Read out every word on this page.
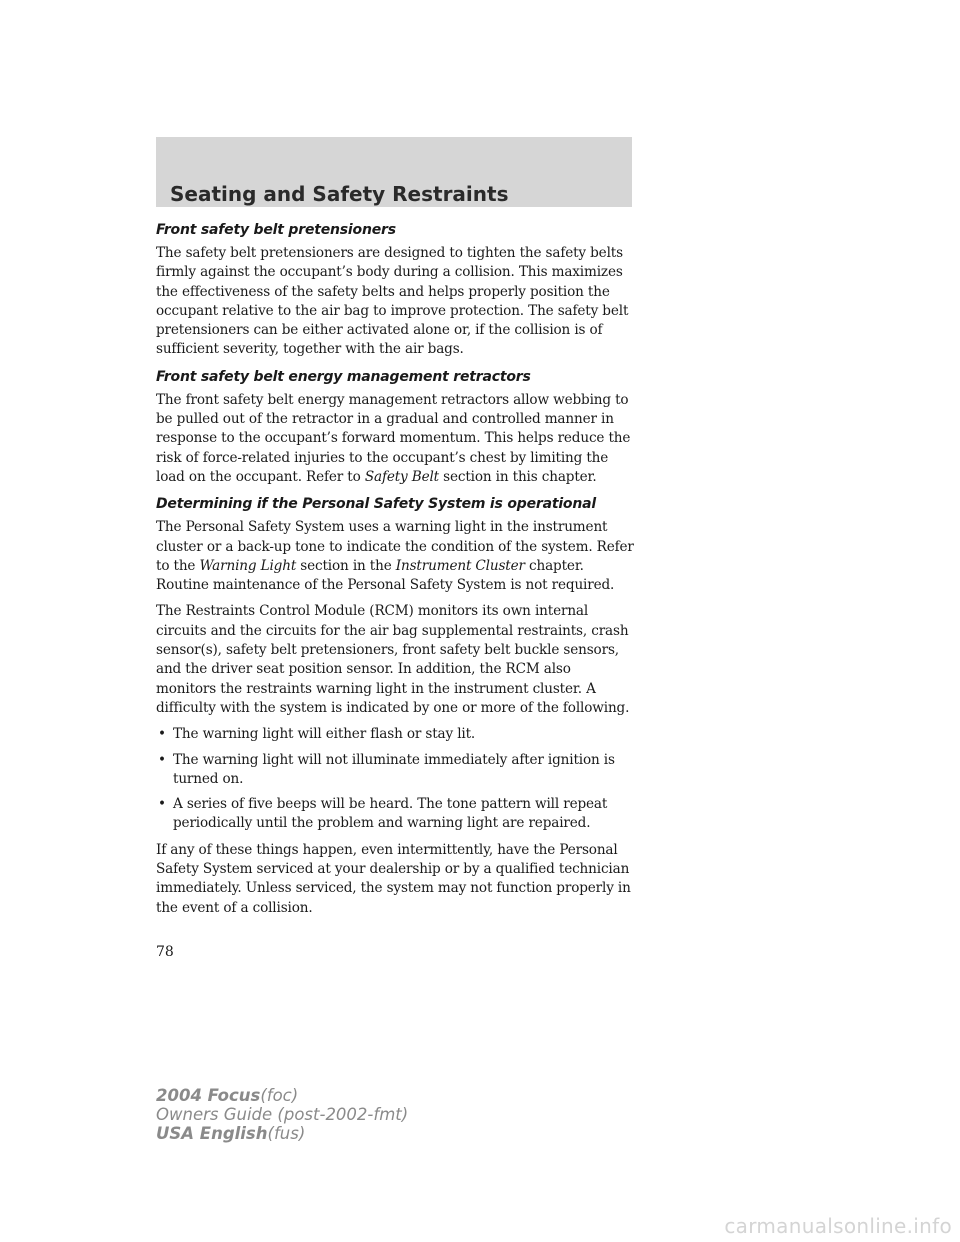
Seating and Safety Restraints
Front safety belt pretensioners

The safety belt pretensioners are designed to tighten the safety belts firmly against the occupant’s body during a collision. This maximizes the effectiveness of the safety belts and helps properly position the occupant relative to the air bag to improve protection. The safety belt pretensioners can be either activated alone or, if the collision is of sufficient severity, together with the air bags.

Front safety belt energy management retractors

The front safety belt energy management retractors allow webbing to be pulled out of the retractor in a gradual and controlled manner in response to the occupant’s forward momentum. This helps reduce the risk of force-related injuries to the occupant’s chest by limiting the load on the occupant. Refer to Safety Belt section in this chapter.

Determining if the Personal Safety System is operational

The Personal Safety System uses a warning light in the instrument cluster or a back-up tone to indicate the condition of the system. Refer to the Warning Light section in the Instrument Cluster chapter. Routine maintenance of the Personal Safety System is not required.

The Restraints Control Module (RCM) monitors its own internal circuits and the circuits for the air bag supplemental restraints, crash sensor(s), safety belt pretensioners, front safety belt buckle sensors, and the driver seat position sensor. In addition, the RCM also monitors the restraints warning light in the instrument cluster. A difficulty with the system is indicated by one or more of the following.

• The warning light will either flash or stay lit.
• The warning light will not illuminate immediately after ignition is turned on.
• A series of five beeps will be heard. The tone pattern will repeat periodically until the problem and warning light are repaired.

If any of these things happen, even intermittently, have the Personal Safety System serviced at your dealership or by a qualified technician immediately. Unless serviced, the system may not function properly in the event of a collision.

78
2004 Focus(foc)
Owners Guide (post-2002-fmt)
USA English(fus)
carmanualsonline.info
